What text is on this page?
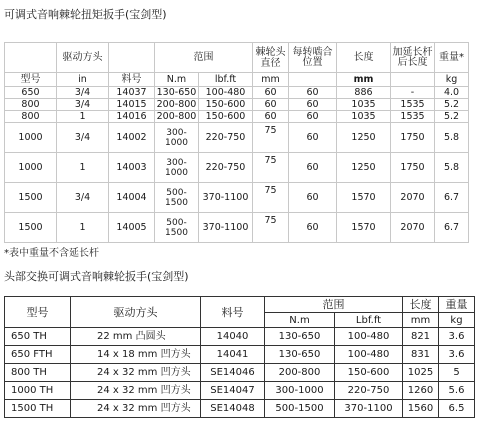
可调式音响棘轮扭矩扳手(宝剑型)
	驱动方头		范围		棘轮头直径	每转啮合位置	长度	加延长杆后长度	重量*

型号	in	料号	N.m	lbf.ft	mm		mm		kg
650	3/4	14037	130-650	100-480	60	60	886	-	4.0
800	3/4	14015	200-800	150-600	60	60	1035	1535	5.2
800	1	14016	200-800	150-600	60	60	1035	1535	5.2
1000	3/4	14002	300-1000	220-750	75	60	1250	1750	5.8
1000	1	14003	300-1000	220-750	75	60	1250	1750	5.8
1500	3/4	14004	500-1500	370-1100	75	60	1570	2070	6.7
1500	1	14005	500-1500	370-1100	75	60	1570	2070	6.7
*表中重量不含延长杆
头部交换可调式音响棘轮扳手(宝剑型)
型号	驱动方头	料号	范围		长度	重量
			N.m	Lbf.ft	mm	kg
650 TH	22 mm 凸圆头	14040	130-650	100-480	821	3.6
650 FTH	14 x 18 mm 凹方头	14041	130-650	100-480	831	3.6
800 TH	24 x 32 mm 凹方头	SE14046	200-800	150-600	1025	5
1000 TH	24 x 32 mm 凹方头	SE14047	300-1000	220-750	1260	5.6
1500 TH	24 x 32 mm 凹方头	SE14048	500-1500	370-1100	1560	6.5
